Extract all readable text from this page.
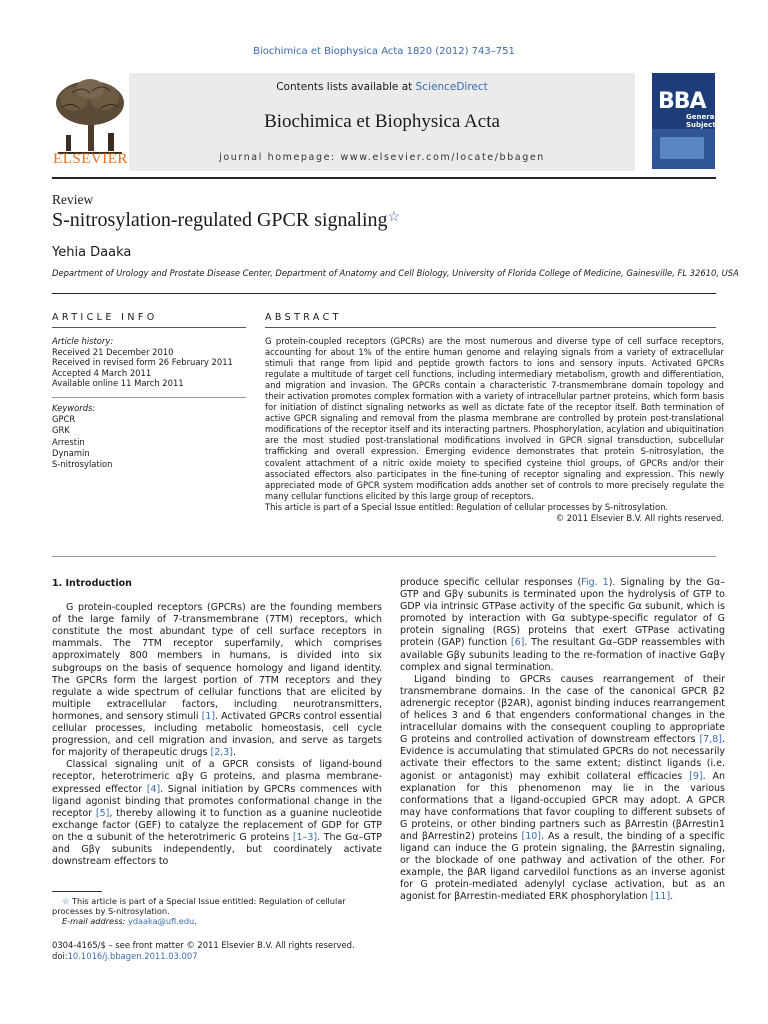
Biochimica et Biophysica Acta 1820 (2012) 743–751
ELSEVIER
Contents lists available at ScienceDirect
Biochimica et Biophysica Acta
journal homepage: www.elsevier.com/locate/bbagen
BBA
General Subjects
Review
S-nitrosylation-regulated GPCR signaling☆
Yehia Daaka
Department of Urology and Prostate Disease Center, Department of Anatomy and Cell Biology, University of Florida College of Medicine, Gainesville, FL 32610, USA
ARTICLE INFO	ABSTRACT
Article history:
Received 21 December 2010
Received in revised form 26 February 2011
Accepted 4 March 2011
Available online 11 March 2011
Keywords:
GPCR
GRK
Arrestin
Dynamin
S-nitrosylation

G protein-coupled receptors (GPCRs) are the most numerous and diverse type of cell surface receptors, accounting for about 1% of the entire human genome and relaying signals from a variety of extracellular stimuli that range from lipid and peptide growth factors to ions and sensory inputs. Activated GPCRs regulate a multitude of target cell functions, including intermediary metabolism, growth and differentiation, and migration and invasion. The GPCRs contain a characteristic 7-transmembrane domain topology and their activation promotes complex formation with a variety of intracellular partner proteins, which form basis for initiation of distinct signaling networks as well as dictate fate of the receptor itself. Both termination of active GPCR signaling and removal from the plasma membrane are controlled by protein post-translational modifications of the receptor itself and its interacting partners. Phosphorylation, acylation and ubiquitination are the most studied post-translational modifications involved in GPCR signal transduction, subcellular trafficking and overall expression. Emerging evidence demonstrates that protein S-nitrosylation, the covalent attachment of a nitric oxide moiety to specified cysteine thiol groups, of GPCRs and/or their associated effectors also participates in the fine-tuning of receptor signaling and expression. This newly appreciated mode of GPCR system modification adds another set of controls to more precisely regulate the many cellular functions elicited by this large group of receptors.

This article is part of a Special Issue entitled: Regulation of cellular processes by S-nitrosylation.

© 2011 Elsevier B.V. All rights reserved.

1. Introduction

G protein-coupled receptors (GPCRs) are the founding members of the large family of 7-transmembrane (7TM) receptors, which constitute the most abundant type of cell surface receptors in mammals. The 7TM receptor superfamily, which comprises approximately 800 members in humans, is divided into six subgroups on the basis of sequence homology and ligand identity. The GPCRs form the largest portion of 7TM receptors and they regulate a wide spectrum of cellular functions that are elicited by multiple extracellular factors, including neurotransmitters, hormones, and sensory stimuli [1]. Activated GPCRs control essential cellular processes, including metabolic homeostasis, cell cycle progression, and cell migration and invasion, and serve as targets for majority of therapeutic drugs [2,3].

Classical signaling unit of a GPCR consists of ligand-bound receptor, heterotrimeric αβγ G proteins, and plasma membrane-expressed effector [4]. Signal initiation by GPCRs commences with ligand agonist binding that promotes conformational change in the receptor [5], thereby allowing it to function as a guanine nucleotide exchange factor (GEF) to catalyze the replacement of GDP for GTP on the α subunit of the heterotrimeric G proteins [1–3]. The Gα–GTP and Gβγ subunits independently, but coordinately activate downstream effectors to

produce specific cellular responses (Fig. 1). Signaling by the Gα–GTP and Gβγ subunits is terminated upon the hydrolysis of GTP to GDP via intrinsic GTPase activity of the specific Gα subunit, which is promoted by interaction with Gα subtype-specific regulator of G protein signaling (RGS) proteins that exert GTPase activating protein (GAP) function [6]. The resultant Gα–GDP reassembles with available Gβγ subunits leading to the re-formation of inactive Gαβγ complex and signal termination.

Ligand binding to GPCRs causes rearrangement of their transmembrane domains. In the case of the canonical GPCR β2 adrenergic receptor (β2AR), agonist binding induces rearrangement of helices 3 and 6 that engenders conformational changes in the intracellular domains with the consequent coupling to appropriate G proteins and controlled activation of downstream effectors [7,8]. Evidence is accumulating that stimulated GPCRs do not necessarily activate their effectors to the same extent; distinct ligands (i.e. agonist or antagonist) may exhibit collateral efficacies [9]. An explanation for this phenomenon may lie in the various conformations that a ligand-occupied GPCR may adopt. A GPCR may have conformations that favor coupling to different subsets of G proteins, or other binding partners such as βArrestin (βArrestin1 and βArrestin2) proteins [10]. As a result, the binding of a specific ligand can induce the G protein signaling, the βArrestin signaling, or the blockade of one pathway and activation of the other. For example, the βAR ligand carvedilol functions as an inverse agonist for G protein-mediated adenylyl cyclase activation, but as an agonist for βArrestin-mediated ERK phosphorylation [11].

☆ This article is part of a Special Issue entitled: Regulation of cellular processes by S-nitrosylation.

E-mail address: ydaaka@ufl.edu.

0304-4165/$ – see front matter © 2011 Elsevier B.V. All rights reserved.
doi:10.1016/j.bbagen.2011.03.007
